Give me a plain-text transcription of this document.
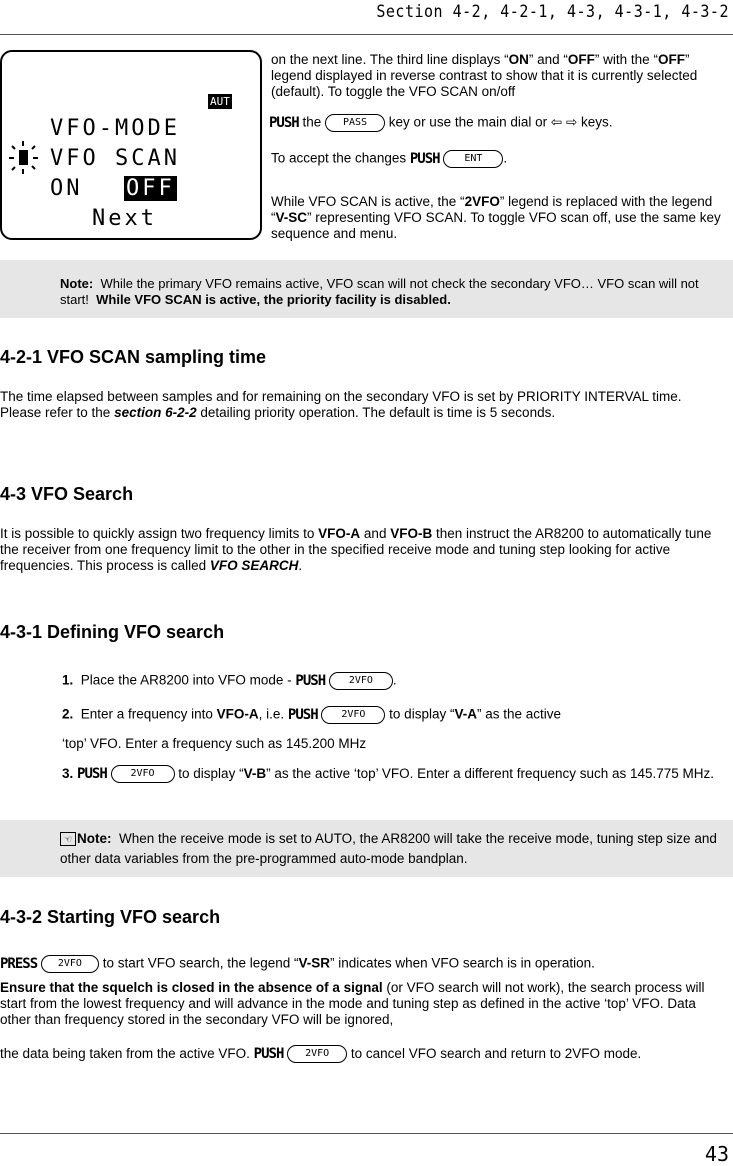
Section 4-2, 4-2-1, 4-3, 4-3-1, 4-3-2
AUT
VFO-MODE
VFO SCAN
ON OFF
Next
on the next line. The third line displays “ON” and “OFF” with the “OFF” legend displayed in reverse contrast to show that it is currently selected (default). To toggle the VFO SCAN on/off
PUSH the PASS key or use the main dial or ⇦ ⇨ keys.
To accept the changes PUSH ENT .
While VFO SCAN is active, the “2VFO” legend is replaced with the legend “V-SC” representing VFO SCAN. To toggle VFO scan off, use the same key sequence and menu.
Note: While the primary VFO remains active, VFO scan will not check the secondary VFO… VFO scan will not start! While VFO SCAN is active, the priority facility is disabled.
4-2-1 VFO SCAN sampling time
The time elapsed between samples and for remaining on the secondary VFO is set by PRIORITY INTERVAL time. Please refer to the section 6-2-2 detailing priority operation. The default is time is 5 seconds.
4-3 VFO Search
It is possible to quickly assign two frequency limits to VFO-A and VFO-B then instruct the AR8200 to automatically tune the receiver from one frequency limit to the other in the specified receive mode and tuning step looking for active frequencies. This process is called VFO SEARCH.
4-3-1 Defining VFO search
1. Place the AR8200 into VFO mode - PUSH 2VFO .
2. Enter a frequency into VFO-A, i.e. PUSH 2VFO to display “V-A” as the active
‘top’ VFO. Enter a frequency such as 145.200 MHz
3. PUSH 2VFO to display “V-B” as the active ‘top’ VFO. Enter a different frequency such as 145.775 MHz.
☜ Note: When the receive mode is set to AUTO, the AR8200 will take the receive mode, tuning step size and other data variables from the pre-programmed auto-mode bandplan.
4-3-2 Starting VFO search
PRESS 2VFO to start VFO search, the legend “V-SR” indicates when VFO search is in operation.
Ensure that the squelch is closed in the absence of a signal (or VFO search will not work), the search process will start from the lowest frequency and will advance in the mode and tuning step as defined in the active ‘top’ VFO. Data other than frequency stored in the secondary VFO will be ignored,
the data being taken from the active VFO. PUSH 2VFO to cancel VFO search and return to 2VFO mode.
43
